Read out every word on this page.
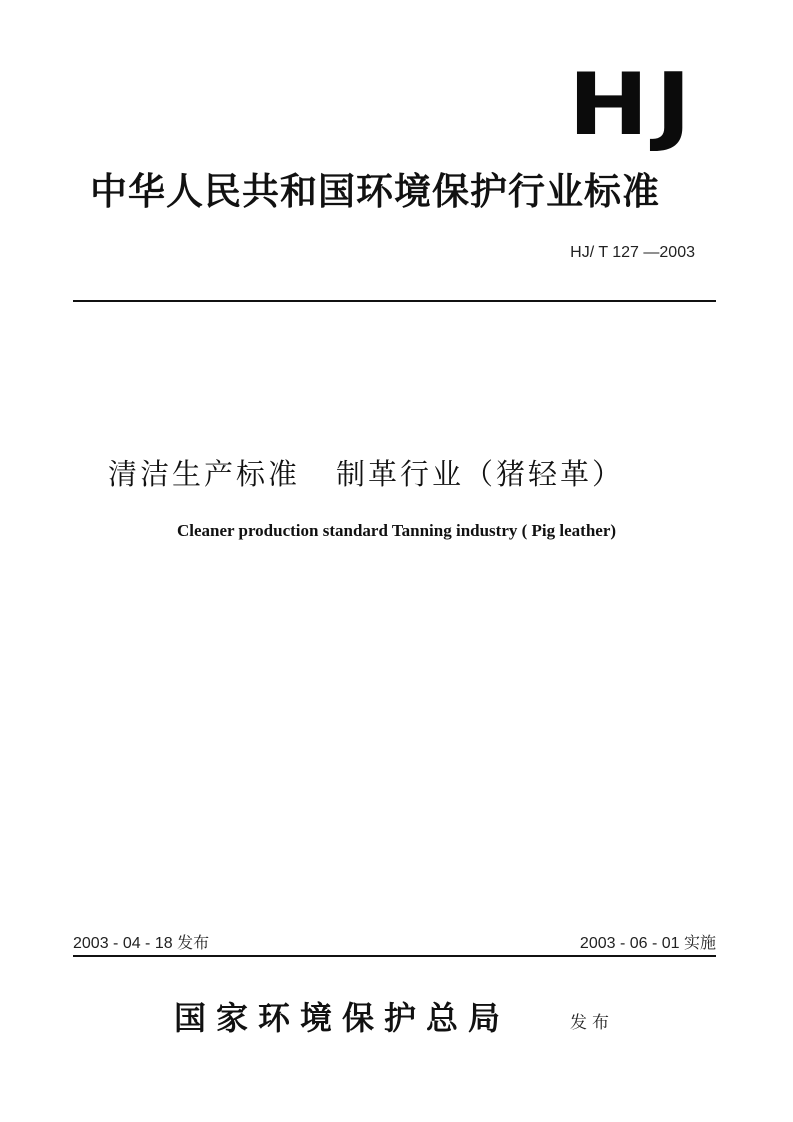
HJ
中华人民共和国环境保护行业标准
HJ/ T 127 —2003
清洁生产标准 制革行业（猪轻革）
Cleaner production standard Tanning industry ( Pig leather)
2003 - 04 - 18 发布	2003 - 06 - 01 实施
国家环境保护总局	发布
